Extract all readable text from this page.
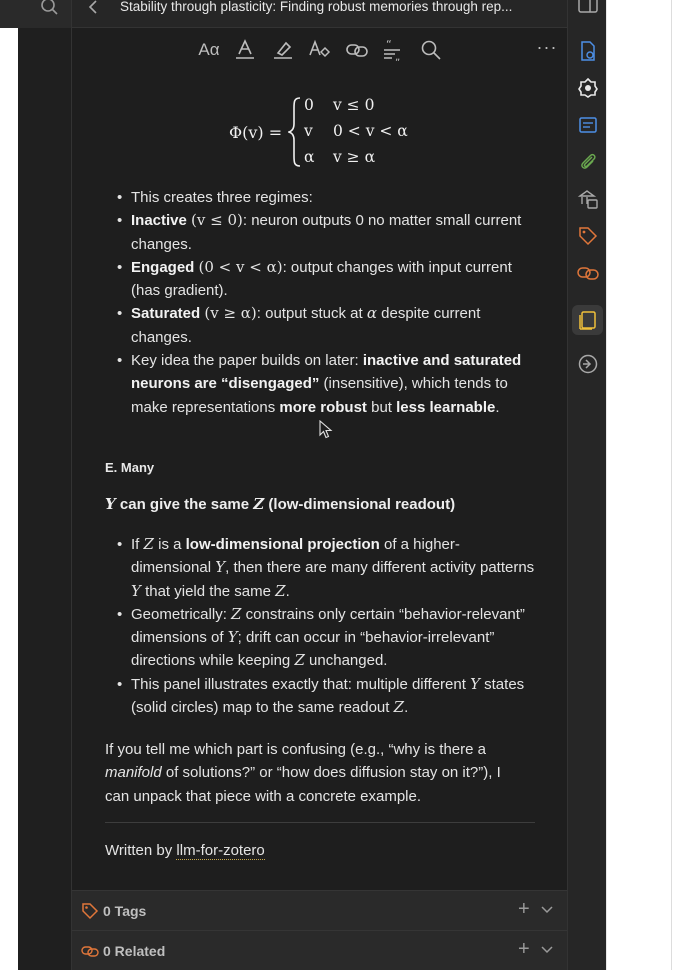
Stability through plasticity: Finding robust memories through rep...
Aα	“
„
···
Φ(v) =
0 v ≤ 0
v 0 < v < α
α v ≥ α
• This creates three regimes:
• Inactive (v ≤ 0): neuron outputs 0 no matter small current changes.
• Engaged (0 < v < α): output changes with input current (has gradient).
• Saturated (v ≥ α): output stuck at α despite current changes.
• Key idea the paper builds on later: inactive and saturated neurons are “disengaged” (insensitive), which tends to make representations more robust but less learnable.
E. Many
Y can give the same Z (low-dimensional readout)
• If Z is a low-dimensional projection of a higher-dimensional Y, then there are many different activity patterns Y that yield the same Z.
• Geometrically: Z constrains only certain “behavior-relevant” dimensions of Y; drift can occur in “behavior-irrelevant” directions while keeping Z unchanged.
• This panel illustrates exactly that: multiple different Y states (solid circles) map to the same readout Z.
If you tell me which part is confusing (e.g., “why is there a manifold of solutions?” or “how does diffusion stay on it?”), I can unpack that piece with a concrete example.
Written by llm-for-zotero
0 Tags	+
0 Related	+
